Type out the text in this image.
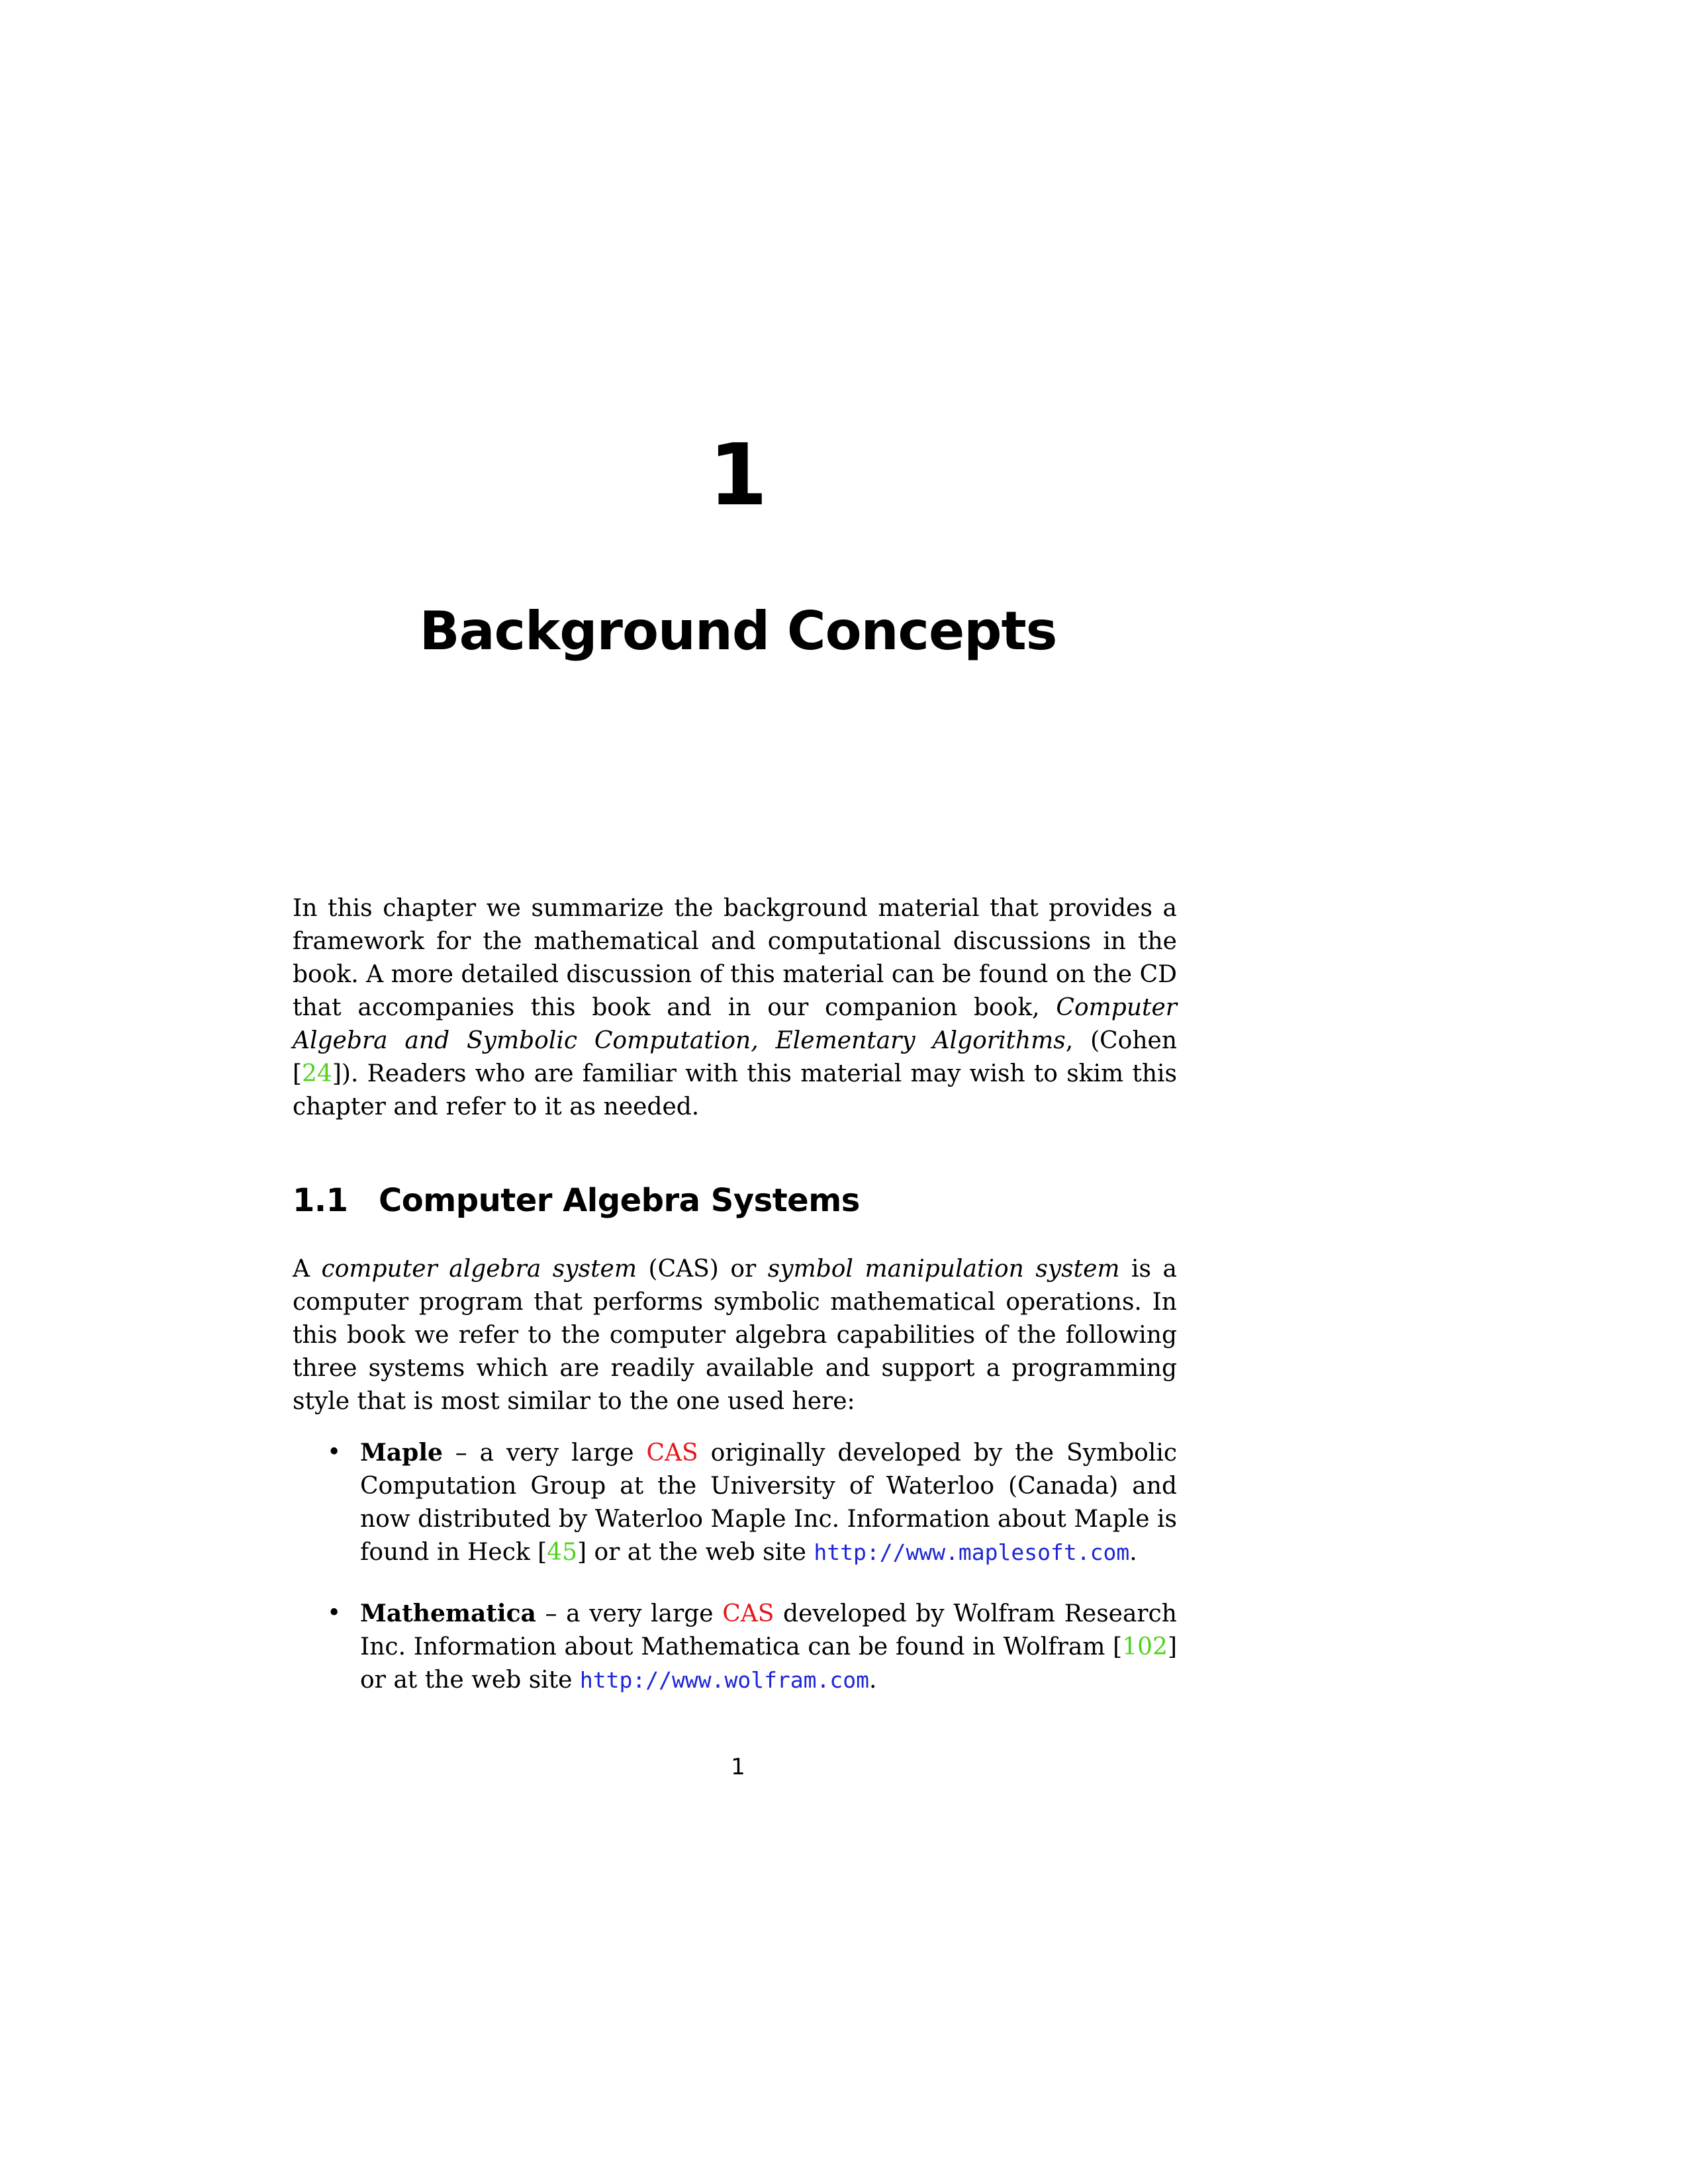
1
Background Concepts

In this chapter we summarize the background material that provides a framework for the mathematical and computational discussions in the book. A more detailed discussion of this material can be found on the CD that accompanies this book and in our companion book, Computer Algebra and Symbolic Computation, Elementary Algorithms, (Cohen [24]). Readers who are familiar with this material may wish to skim this chapter and refer to it as needed.

1.1 Computer Algebra Systems

A computer algebra system (CAS) or symbol manipulation system is a computer program that performs symbolic mathematical operations. In this book we refer to the computer algebra capabilities of the following three systems which are readily available and support a programming style that is most similar to the one used here:

• Maple – a very large CAS originally developed by the Symbolic Computation Group at the University of Waterloo (Canada) and now distributed by Waterloo Maple Inc. Information about Maple is found in Heck [45] or at the web site http://www.maplesoft.com.
• Mathematica – a very large CAS developed by Wolfram Research Inc. Information about Mathematica can be found in Wolfram [102] or at the web site http://www.wolfram.com.
1
